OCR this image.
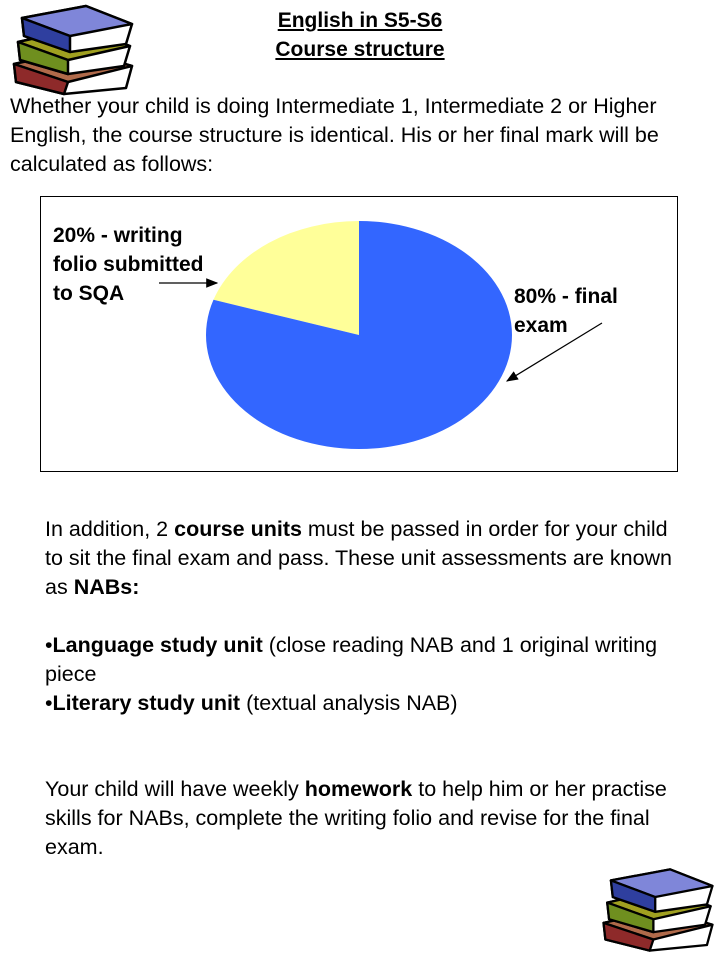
English in S5-S6
Course structure
Whether your child is doing Intermediate 1, Intermediate 2 or Higher English, the course structure is identical. His or her final mark will be calculated as follows:
20% - writing
folio submitted
to SQA	80% - final
exam
In addition, 2 course units must be passed in order for your child to sit the final exam and pass. These unit assessments are known as NABs:
•Language study unit (close reading NAB and 1 original writing piece
•Literary study unit (textual analysis NAB)
Your child will have weekly homework to help him or her practise skills for NABs, complete the writing folio and revise for the final exam.
